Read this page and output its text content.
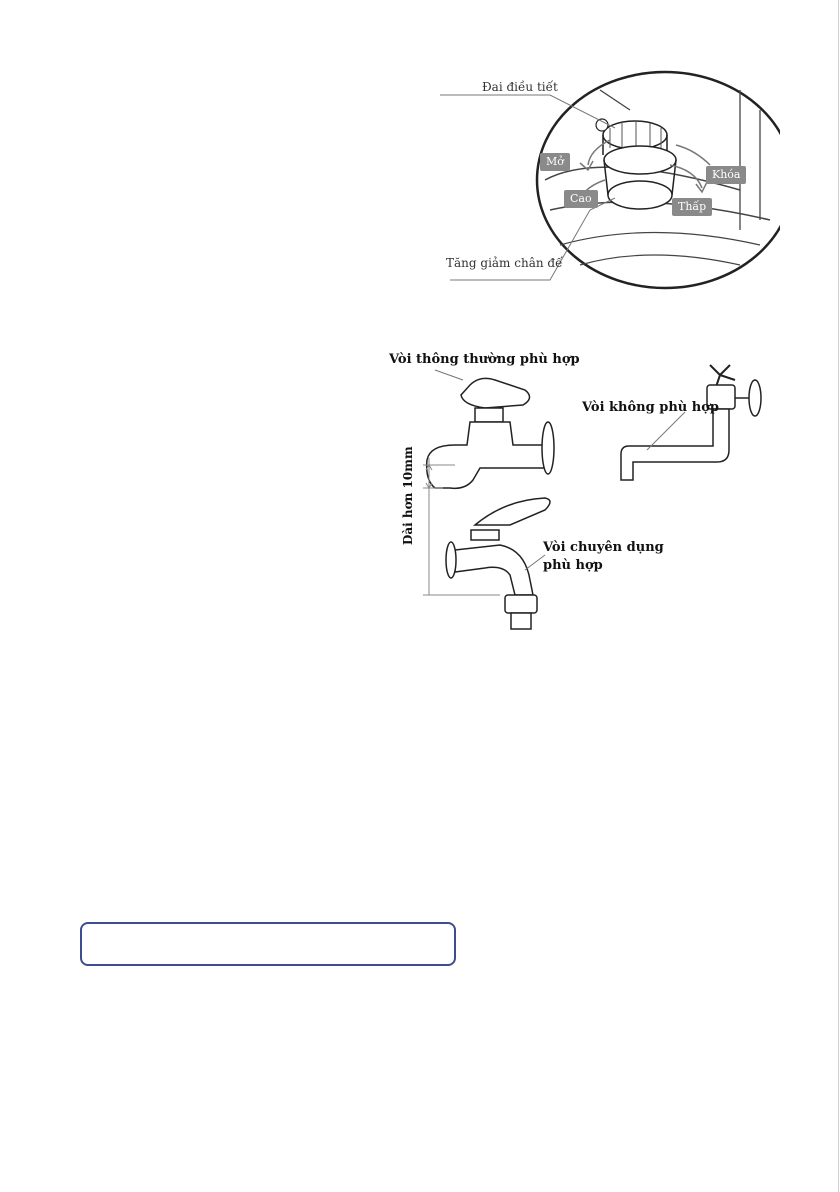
Đai điều tiết
Tăng giảm chân đế
Mở
Cao
Thấp
Khóa
Vòi thông thường phù hợp
Vòi không phù hợp
Vòi chuyên dụng
phù hợp
Dài hơn 10mm
